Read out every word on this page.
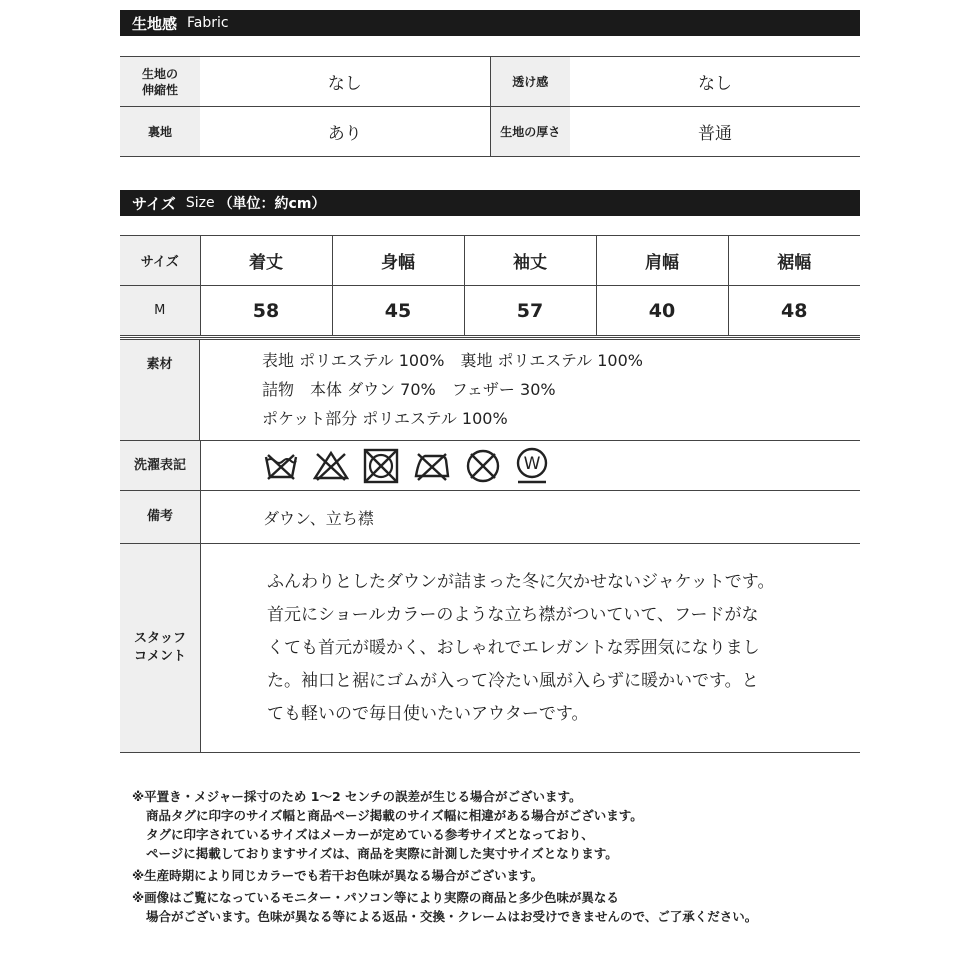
生地感 Fabric
生地の
伸縮性	なし	透け感	なし
裏地	あり	生地の厚さ	普通
サイズ Size （単位：約cm）
サイズ	着丈	身幅	袖丈	肩幅	裾幅
M	58	45	57	40	48
素材	表地 ポリエステル 100%　裏地 ポリエステル 100%
詰物　本体 ダウン 70%　フェザー 30%
ポケット部分 ポリエステル 100%
洗濯表記	W
備考	ダウン、立ち襟
スタッフ
コメント
ふんわりとしたダウンが詰まった冬に欠かせないジャケットです。
首元にショールカラーのような立ち襟がついていて、フードがな
くても首元が暖かく、おしゃれでエレガントな雰囲気になりまし
た。袖口と裾にゴムが入って冷たい風が入らずに暖かいです。と
ても軽いので毎日使いたいアウターです。
※平置き・メジャー採寸のため 1～2 センチの誤差が生じる場合がございます。
商品タグに印字のサイズ幅と商品ページ掲載のサイズ幅に相違がある場合がございます。
タグに印字されているサイズはメーカーが定めている参考サイズとなっており、
ページに掲載しておりますサイズは、商品を実際に計測した実寸サイズとなります。
※生産時期により同じカラーでも若干お色味が異なる場合がございます。
※画像はご覧になっているモニター・パソコン等により実際の商品と多少色味が異なる
場合がございます。色味が異なる等による返品・交換・クレームはお受けできませんので、ご了承ください。
